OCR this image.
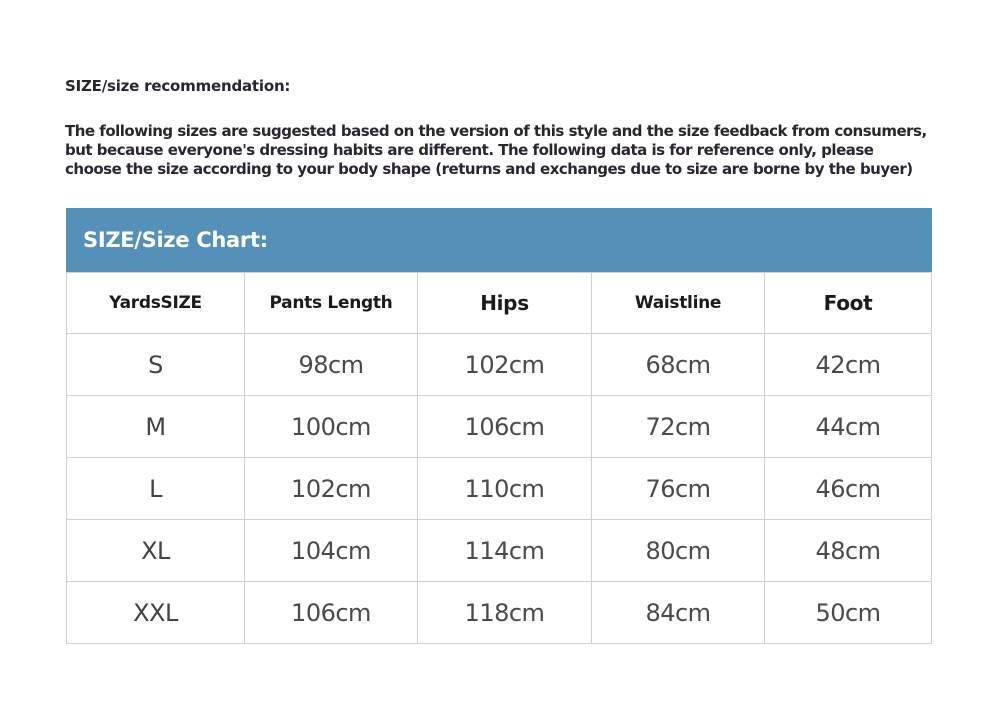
SIZE/size recommendation:

The following sizes are suggested based on the version of this style and the size feedback from consumers,
but because everyone's dressing habits are different. The following data is for reference only, please
choose the size according to your body shape (returns and exchanges due to size are borne by the buyer)

SIZE/Size Chart:
YardsSIZE	Pants Length	Hips	Waistline	Foot
S	98cm	102cm	68cm	42cm
M	100cm	106cm	72cm	44cm
L	102cm	110cm	76cm	46cm
XL	104cm	114cm	80cm	48cm
XXL	106cm	118cm	84cm	50cm
